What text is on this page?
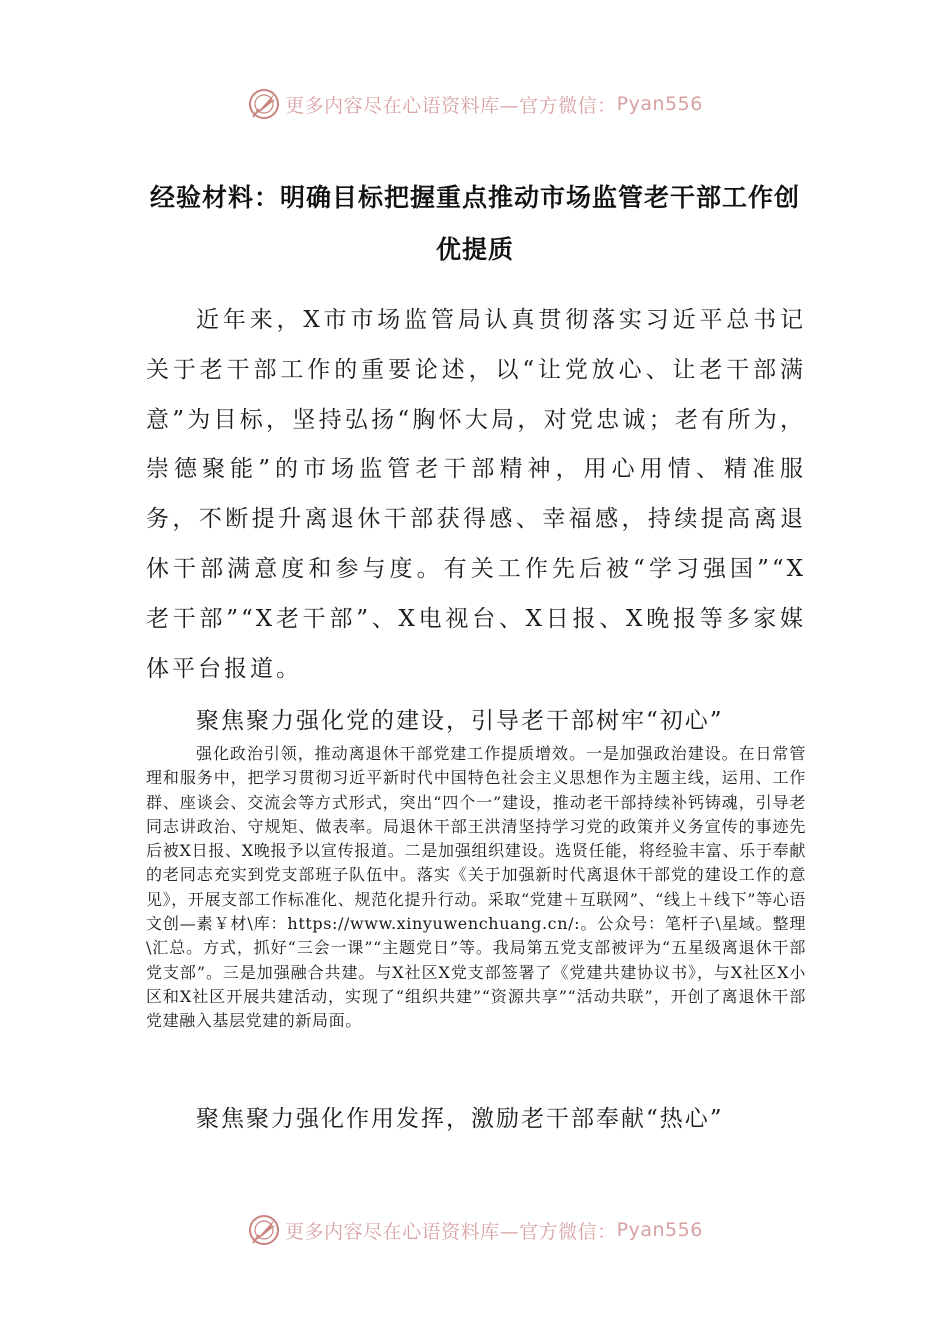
更多内容尽在心语资料库—官方微信： Pyan556
经验材料：明确目标把握重点推动市场监管老干部工作创优提质

近年来，X市市场监管局认真贯彻落实习近平总书记关于老干部工作的重要论述，以“让党放心、让老干部满意”为目标，坚持弘扬“胸怀大局，对党忠诚；老有所为，崇德聚能”的市场监管老干部精神，用心用情、精准服务，不断提升离退休干部获得感、幸福感，持续提高离退休干部满意度和参与度。有关工作先后被“学习强国”“X老干部”“X老干部”、X电视台、X日报、X晚报等多家媒体平台报道。

聚焦聚力强化党的建设，引导老干部树牢“初心”

强化政治引领，推动离退休干部党建工作提质增效。一是加强政治建设。在日常管理和服务中，把学习贯彻习近平新时代中国特色社会主义思想作为主题主线，运用、工作群、座谈会、交流会等方式形式，突出“四个一”建设，推动老干部持续补钙铸魂，引导老同志讲政治、守规矩、做表率。局退休干部王洪清坚持学习党的政策并义务宣传的事迹先后被X日报、X晚报予以宣传报道。二是加强组织建设。选贤任能，将经验丰富、乐于奉献的老同志充实到党支部班子队伍中。落实《关于加强新时代离退休干部党的建设工作的意见》，开展支部工作标准化、规范化提升行动。采取“党建＋互联网”、“线上＋线下”等心语文创—素￥材\库：https://www.xinyuwenchuang.cn/:。公众号：笔杆子\星域。整理\汇总。方式，抓好“三会一课”“主题党日”等。我局第五党支部被评为“五星级离退休干部党支部”。三是加强融合共建。与X社区X党支部签署了《党建共建协议书》，与X社区X小区和X社区开展共建活动，实现了“组织共建”“资源共享”“活动共联”，开创了离退休干部党建融入基层党建的新局面。

聚焦聚力强化作用发挥，激励老干部奉献“热心”

更多内容尽在心语资料库—官方微信： Pyan556
